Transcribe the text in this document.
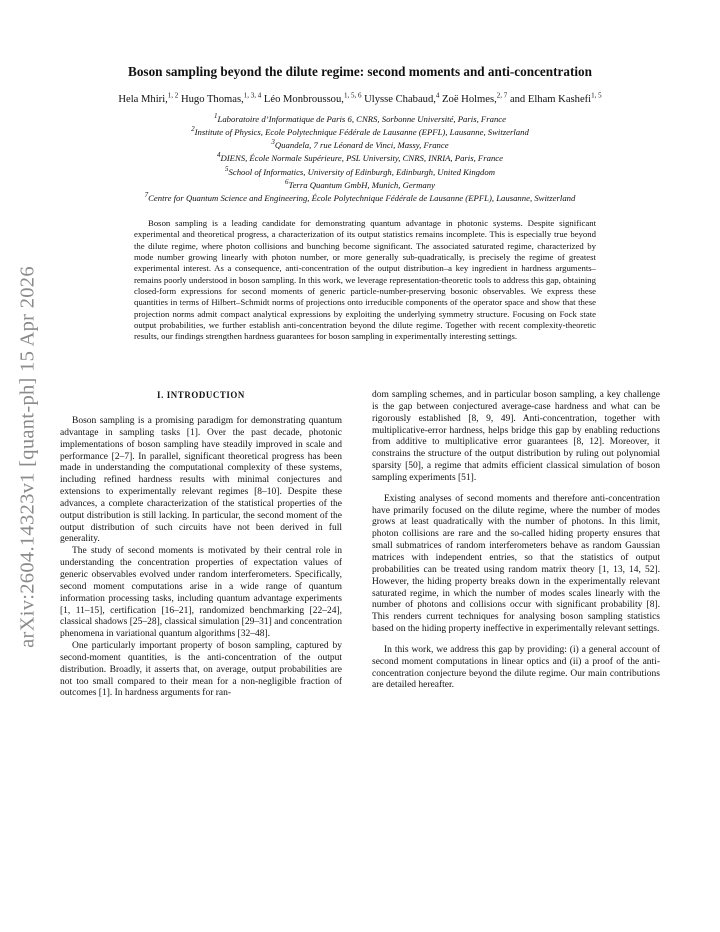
arXiv:2604.14323v1 [quant-ph] 15 Apr 2026
Boson sampling beyond the dilute regime: second moments and anti-concentration
Hela Mhiri,$^{1, 2}$ Hugo Thomas,$^{1, 3, 4}$ Léo Monbroussou,$^{1, 5, 6}$ Ulysse Chabaud,$^4$ Zoë Holmes,$^{2, 7}$ and Elham Kashefi$^{1, 5}$
$^1$Laboratoire d’Informatique de Paris 6, CNRS, Sorbonne Université, Paris, France
$^2$Institute of Physics, Ecole Polytechnique Fédérale de Lausanne (EPFL), Lausanne, Switzerland
$^3$Quandela, 7 rue Léonard de Vinci, Massy, France
$^4$DIENS, École Normale Supérieure, PSL University, CNRS, INRIA, Paris, France
$^5$School of Informatics, University of Edinburgh, Edinburgh, United Kingdom
$^6$Terra Quantum GmbH, Munich, Germany
$^7$Centre for Quantum Science and Engineering, École Polytechnique Fédérale de Lausanne (EPFL), Lausanne, Switzerland

Boson sampling is a leading candidate for demonstrating quantum advantage in photonic systems. Despite significant experimental and theoretical progress, a characterization of its output statistics remains incomplete. This is especially true beyond the dilute regime, where photon collisions and bunching become significant. The associated saturated regime, characterized by mode number growing linearly with photon number, or more generally sub-quadratically, is precisely the regime of greatest experimental interest. As a consequence, anti-concentration of the output distribution–a key ingredient in hardness arguments–remains poorly understood in boson sampling. In this work, we leverage representation-theoretic tools to address this gap, obtaining closed-form expressions for second moments of generic particle-number-preserving bosonic observables. We express these quantities in terms of Hilbert–Schmidt norms of projections onto irreducible components of the operator space and show that these projection norms admit compact analytical expressions by exploiting the underlying symmetry structure. Focusing on Fock state output probabilities, we further establish anti-concentration beyond the dilute regime. Together with recent complexity-theoretic results, our findings strengthen hardness guarantees for boson sampling in experimentally interesting settings.

I. INTRODUCTION

Boson sampling is a promising paradigm for demonstrating quantum advantage in sampling tasks [1]. Over the past decade, photonic implementations of boson sampling have steadily improved in scale and performance [2–7]. In parallel, significant theoretical progress has been made in understanding the computational complexity of these systems, including refined hardness results with minimal conjectures and extensions to experimentally relevant regimes [8–10]. Despite these advances, a complete characterization of the statistical properties of the output distribution is still lacking. In particular, the second moment of the output distribution of such circuits have not been derived in full generality.

The study of second moments is motivated by their central role in understanding the concentration properties of expectation values of generic observables evolved under random interferometers. Specifically, second moment computations arise in a wide range of quantum information processing tasks, including quantum advantage experiments [1, 11–15], certification [16–21], randomized benchmarking [22–24], classical shadows [25–28], classical simulation [29–31] and concentration phenomena in variational quantum algorithms [32–48].

One particularly important property of boson sampling, captured by second-moment quantities, is the anti-concentration of the output distribution. Broadly, it asserts that, on average, output probabilities are not too small compared to their mean for a non-negligible fraction of outcomes [1]. In hardness arguments for ran-

dom sampling schemes, and in particular boson sampling, a key challenge is the gap between conjectured average-case hardness and what can be rigorously established [8, 9, 49]. Anti-concentration, together with multiplicative-error hardness, helps bridge this gap by enabling reductions from additive to multiplicative error guarantees [8, 12]. Moreover, it constrains the structure of the output distribution by ruling out polynomial sparsity [50], a regime that admits efficient classical simulation of boson sampling experiments [51].

Existing analyses of second moments and therefore anti-concentration have primarily focused on the dilute regime, where the number of modes grows at least quadratically with the number of photons. In this limit, photon collisions are rare and the so-called hiding property ensures that small submatrices of random interferometers behave as random Gaussian matrices with independent entries, so that the statistics of output probabilities can be treated using random matrix theory [1, 13, 14, 52]. However, the hiding property breaks down in the experimentally relevant saturated regime, in which the number of modes scales linearly with the number of photons and collisions occur with significant probability [8]. This renders current techniques for analysing boson sampling statistics based on the hiding property ineffective in experimentally relevant settings.

In this work, we address this gap by providing: (i) a general account of second moment computations in linear optics and (ii) a proof of the anti-concentration conjecture beyond the dilute regime. Our main contributions are detailed hereafter.
